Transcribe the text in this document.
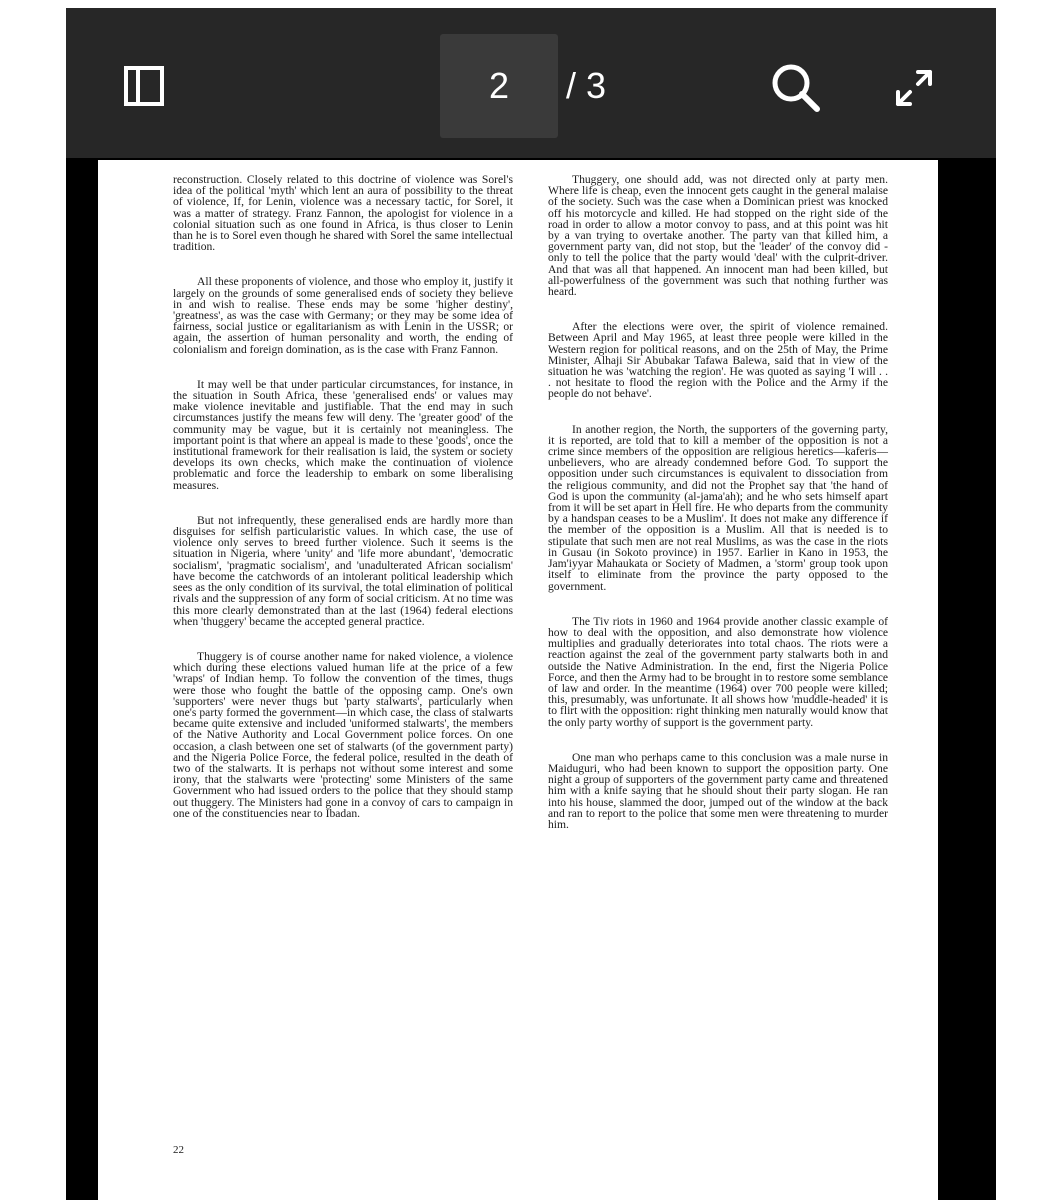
2	/ 3

reconstruction. Closely related to this doctrine of violence was Sorel's idea of the political 'myth' which lent an aura of possibility to the threat of violence, If, for Lenin, violence was a necessary tactic, for Sorel, it was a matter of strategy. Franz Fannon, the apologist for violence in a colonial situation such as one found in Africa, is thus closer to Lenin than he is to Sorel even though he shared with Sorel the same intellectual tradition.

All these proponents of violence, and those who employ it, justify it largely on the grounds of some generalised ends of society they believe in and wish to realise. These ends may be some 'higher destiny', 'greatness', as was the case with Germany; or they may be some idea of fairness, social justice or egalitarianism as with Lenin in the USSR; or again, the assertion of human personality and worth, the ending of colonialism and foreign domination, as is the case with Franz Fannon.

It may well be that under particular circumstances, for instance, in the situation in South Africa, these 'generalised ends' or values may make violence inevitable and justifiable. That the end may in such circumstances justify the means few will deny. The 'greater good' of the community may be vague, but it is certainly not meaningless. The important point is that where an appeal is made to these 'goods', once the institutional framework for their realisation is laid, the system or society develops its own checks, which make the continuation of violence problematic and force the leadership to embark on some liberalising measures.

But not infrequently, these generalised ends are hardly more than disguises for selfish particularistic values. In which case, the use of violence only serves to breed further violence. Such it seems is the situation in Nigeria, where 'unity' and 'life more abundant', 'democratic socialism', 'pragmatic socialism', and 'unadulterated African socialism' have become the catchwords of an intolerant political leadership which sees as the only condition of its survival, the total elimination of political rivals and the suppression of any form of social criticism. At no time was this more clearly demonstrated than at the last (1964) federal elections when 'thuggery' became the accepted general practice.

Thuggery is of course another name for naked violence, a violence which during these elections valued human life at the price of a few 'wraps' of Indian hemp. To follow the convention of the times, thugs were those who fought the battle of the opposing camp. One's own 'supporters' were never thugs but 'party stalwarts', particularly when one's party formed the government—in which case, the class of stalwarts became quite extensive and included 'uniformed stalwarts', the members of the Native Authority and Local Government police forces. On one occasion, a clash between one set of stalwarts (of the government party) and the Nigeria Police Force, the federal police, resulted in the death of two of the stalwarts. It is perhaps not without some interest and some irony, that the stalwarts were 'protecting' some Ministers of the same Government who had issued orders to the police that they should stamp out thuggery. The Ministers had gone in a convoy of cars to campaign in one of the constituencies near to Ibadan.

Thuggery, one should add, was not directed only at party men. Where life is cheap, even the innocent gets caught in the general malaise of the society. Such was the case when a Dominican priest was knocked off his motorcycle and killed. He had stopped on the right side of the road in order to allow a motor convoy to pass, and at this point was hit by a van trying to overtake another. The party van that killed him, a government party van, did not stop, but the 'leader' of the convoy did - only to tell the police that the party would 'deal' with the culprit-driver. And that was all that happened. An innocent man had been killed, but all-powerfulness of the government was such that nothing further was heard.

After the elections were over, the spirit of violence remained. Between April and May 1965, at least three people were killed in the Western region for political reasons, and on the 25th of May, the Prime Minister, Alhaji Sir Abubakar Tafawa Balewa, said that in view of the situation he was 'watching the region'. He was quoted as saying 'I will . . . not hesitate to flood the region with the Police and the Army if the people do not behave'.

In another region, the North, the supporters of the governing party, it is reported, are told that to kill a member of the opposition is not a crime since members of the opposition are religious heretics—kaferis—unbelievers, who are already condemned before God. To support the opposition under such circumstances is equivalent to dissociation from the religious community, and did not the Prophet say that 'the hand of God is upon the community (al-jama'ah); and he who sets himself apart from it will be set apart in Hell fire. He who departs from the community by a handspan ceases to be a Muslim'. It does not make any difference if the member of the opposition is a Muslim. All that is needed is to stipulate that such men are not real Muslims, as was the case in the riots in Gusau (in Sokoto province) in 1957. Earlier in Kano in 1953, the Jam'iyyar Mahaukata or Society of Madmen, a 'storm' group took upon itself to eliminate from the province the party opposed to the government.

The Tiv riots in 1960 and 1964 provide another classic example of how to deal with the opposition, and also demonstrate how violence multiplies and gradually deteriorates into total chaos. The riots were a reaction against the zeal of the government party stalwarts both in and outside the Native Administration. In the end, first the Nigeria Police Force, and then the Army had to be brought in to restore some semblance of law and order. In the meantime (1964) over 700 people were killed; this, presumably, was unfortunate. It all shows how 'muddle-headed' it is to flirt with the opposition: right thinking men naturally would know that the only party worthy of support is the government party.

One man who perhaps came to this conclusion was a male nurse in Maiduguri, who had been known to support the opposition party. One night a group of supporters of the government party came and threatened him with a knife saying that he should shout their party slogan. He ran into his house, slammed the door, jumped out of the window at the back and ran to report to the police that some men were threatening to murder him.

22
